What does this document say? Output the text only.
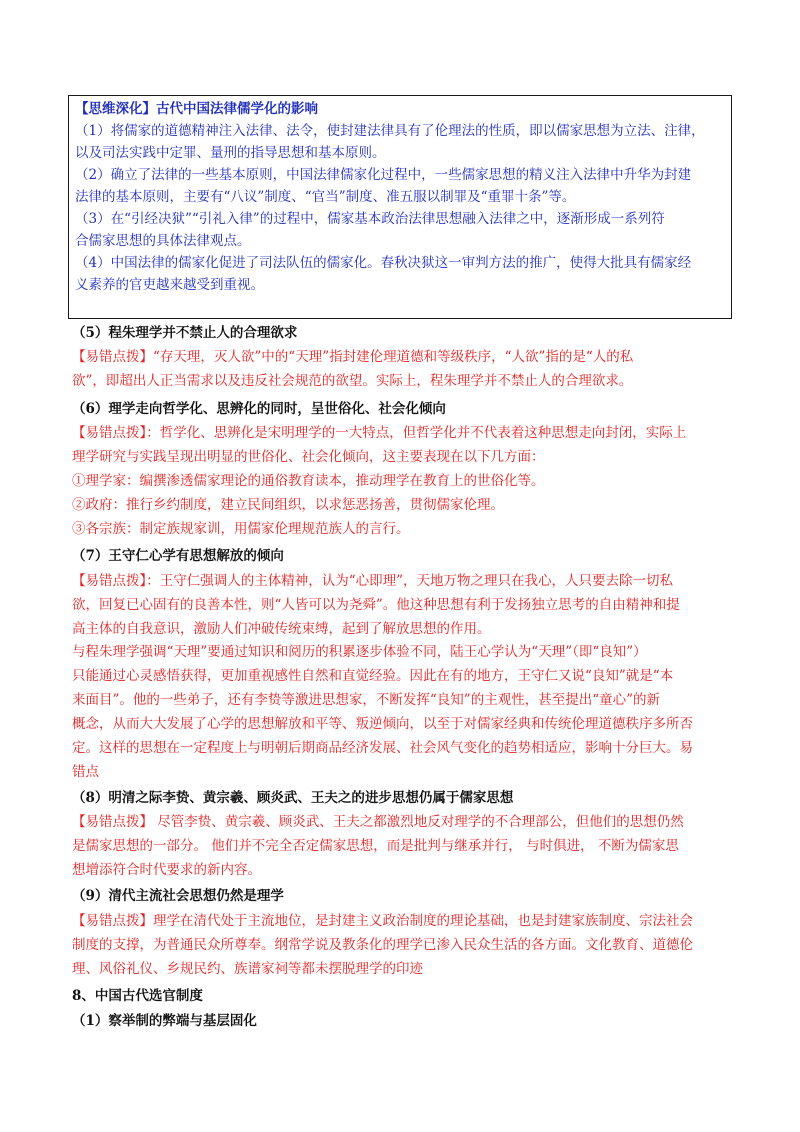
【思维深化】古代中国法律儒学化的影响
（1）将儒家的道德精神注入法律、法令，使封建法律具有了伦理法的性质，即以儒家思想为立法、注律，
以及司法实践中定罪、量刑的指导思想和基本原则。
（2）确立了法律的一些基本原则，中国法律儒家化过程中，一些儒家思想的精义注入法律中升华为封建
法律的基本原则，主要有“八议”制度、“官当”制度、准五服以制罪及“重罪十条”等。
（3）在“引经决狱”“引礼入律”的过程中，儒家基本政治法律思想融入法律之中，逐渐形成一系列符
合儒家思想的具体法律观点。
（4）中国法律的儒家化促进了司法队伍的儒家化。春秋决狱这一审判方法的推广，使得大批具有儒家经
义素养的官吏越来越受到重视。
（5）程朱理学并不禁止人的合理欲求
【易错点拨】“存天理，灭人欲”中的“天理”指封建伦理道德和等级秩序，“人欲”指的是“人的私
欲”，即超出人正当需求以及违反社会规范的欲望。实际上，程朱理学并不禁止人的合理欲求。
（6）理学走向哲学化、思辨化的同时，呈世俗化、社会化倾向
【易错点拨】：哲学化、思辨化是宋明理学的一大特点，但哲学化并不代表着这种思想走向封闭，实际上
理学研究与实践呈现出明显的世俗化、社会化倾向，这主要表现在以下几方面：
①理学家：编撰渗透儒家理论的通俗教育读本，推动理学在教育上的世俗化等。
②政府：推行乡约制度，建立民间组织，以求惩恶扬善，贯彻儒家伦理。
③各宗族：制定族规家训，用儒家伦理规范族人的言行。
（7）王守仁心学有思想解放的倾向
【易错点拨】：王守仁强调人的主体精神，认为“心即理”，天地万物之理只在我心，人只要去除一切私
欲，回复已心固有的良善本性，则“人皆可以为尧舜”。他这种思想有利于发扬独立思考的自由精神和提
高主体的自我意识，激励人们冲破传统束缚，起到了解放思想的作用。
与程朱理学强调“天理”要通过知识和阅历的积累逐步体验不同，陆王心学认为“天理”（即“良知”）
只能通过心灵感悟获得，更加重视感性自然和直觉经验。因此在有的地方，王守仁又说“良知”就是“本
来面目”。他的一些弟子，还有李贽等激进思想家，不断发挥“良知”的主观性，甚至提出“童心”的新
概念，从而大大发展了心学的思想解放和平等、叛逆倾向，以至于对儒家经典和传统伦理道德秩序多所否
定。这样的思想在一定程度上与明朝后期商品经济发展、社会风气变化的趋势相适应，影响十分巨大。易
错点
（8）明清之际李贽、黄宗羲、顾炎武、王夫之的进步思想仍属于儒家思想
【易错点拨】 尽管李贽、黄宗羲、顾炎武、王夫之都激烈地反对理学的不合理部公，但他们的思想仍然
是儒家思想的一部分。 他们并不完全否定儒家思想，而是批判与继承并行， 与时俱进， 不断为儒家思
想增添符合时代要求的新内容。
（9）清代主流社会思想仍然是理学
【易错点拨】理学在清代处于主流地位，是封建主义政治制度的理论基础，也是封建家族制度、宗法社会
制度的支撑，为普通民众所尊奉。纲常学说及教条化的理学已渗入民众生活的各方面。文化教育、道德伦
理、风俗礼仪、乡规民约、族谱家祠等都未摆脱理学的印迹
8、中国古代选官制度
（1）察举制的弊端与基层固化
